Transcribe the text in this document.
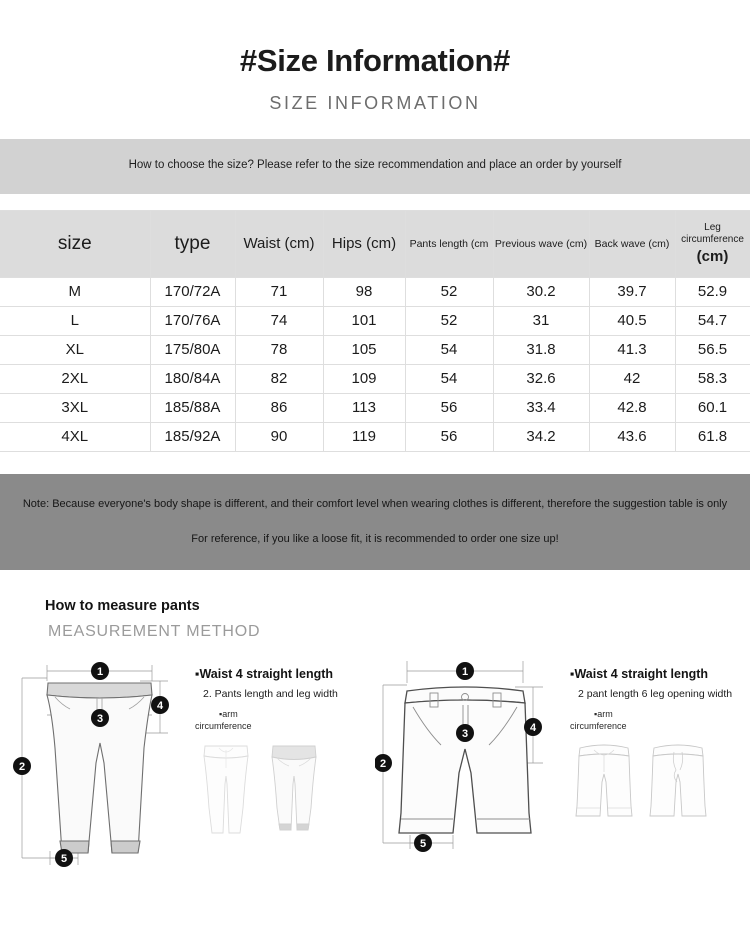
#Size Information#
SIZE INFORMATION
How to choose the size? Please refer to the size recommendation and place an order by yourself
size	type	Waist (cm)	Hips (cm)	Pants length (cm	Previous wave (cm)	Back wave (cm)	Leg circumference
(cm)

M	170/72A	71	98	52	30.2	39.7	52.9
L	170/76A	74	101	52	31	40.5	54.7
XL	175/80A	78	105	54	31.8	41.3	56.5
2XL	180/84A	82	109	54	32.6	42	58.3
3XL	185/88A	86	113	56	33.4	42.8	60.1
4XL	185/92A	90	119	56	34.2	43.6	61.8
Note: Because everyone's body shape is different, and their comfort level when wearing clothes is different, therefore the suggestion table is only
For reference, if you like a loose fit, it is recommended to order one size up!
How to measure pants
MEASUREMENT METHOD
1
2
3
4
5
▪Waist 4 straight length
2. Pants length and leg width
▪arm
circumference
1
2
3	4
5
▪Waist 4 straight length
2 pant length 6 leg opening width
▪arm
circumference
